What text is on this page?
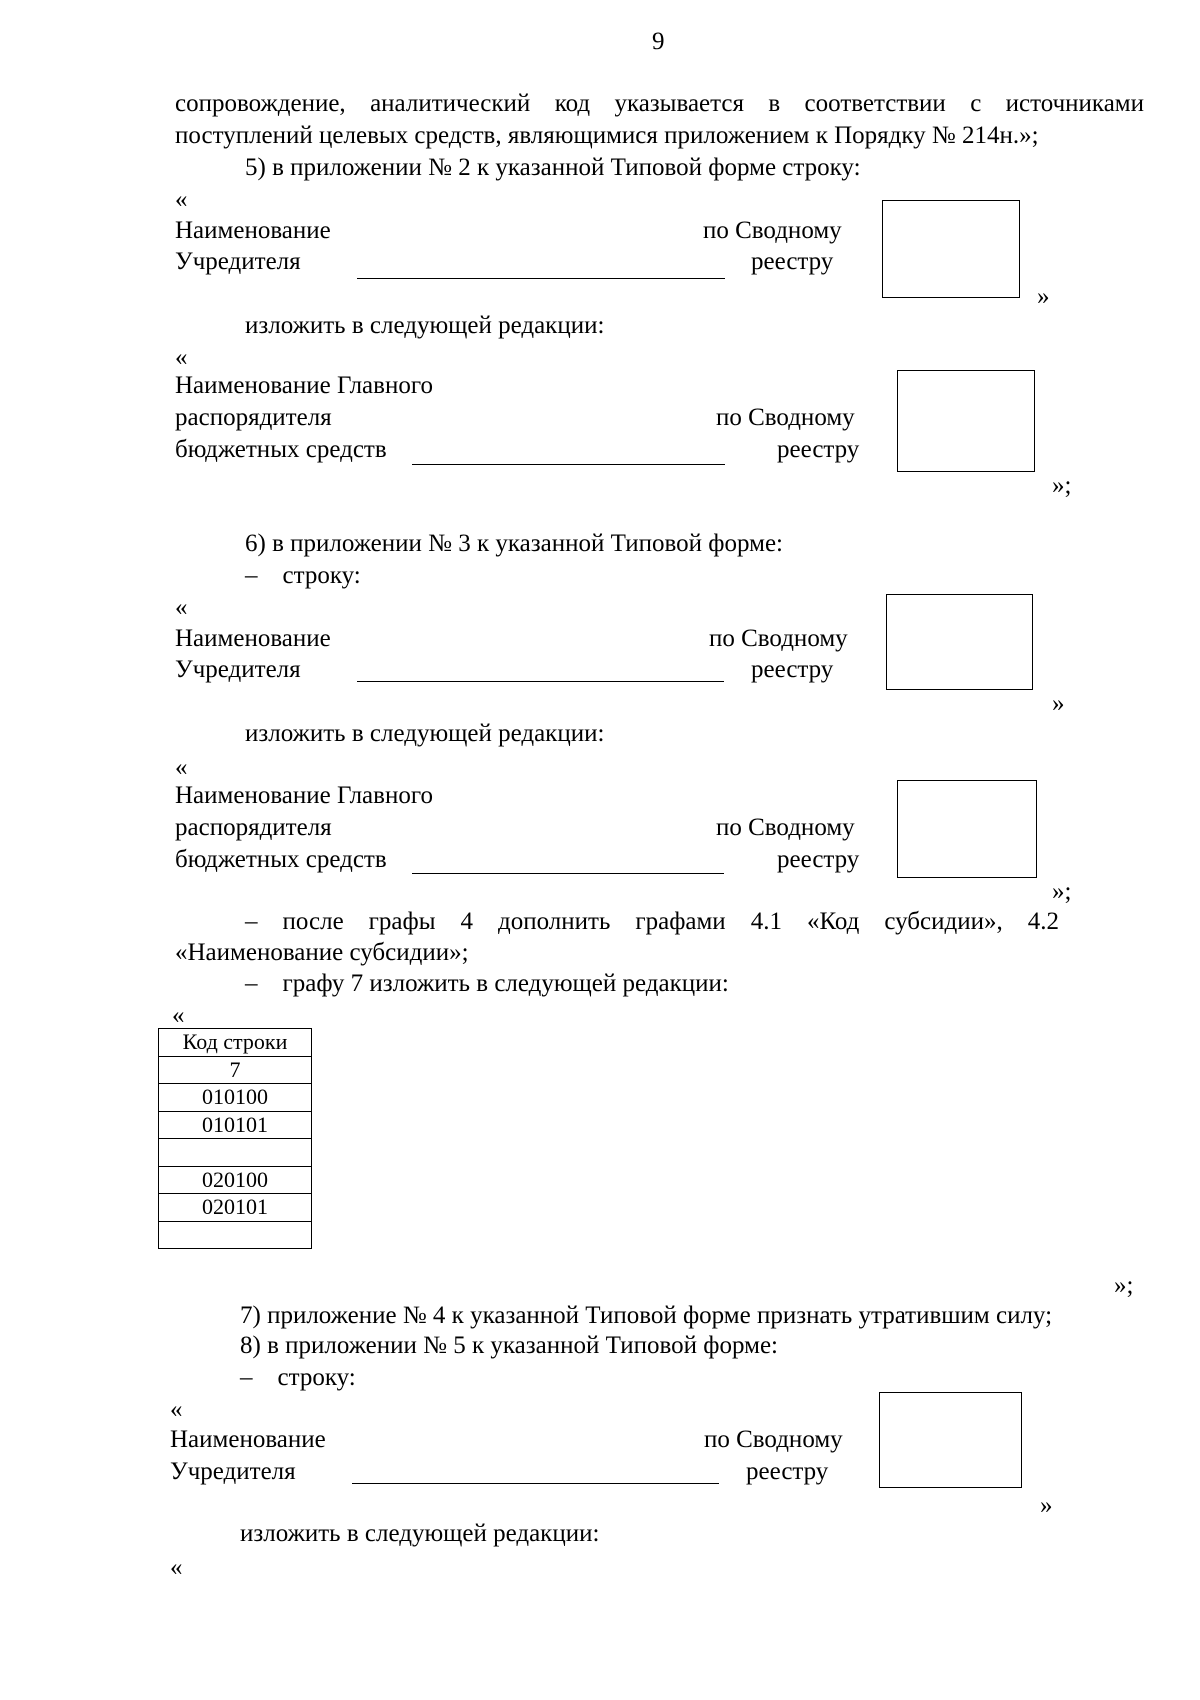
9
сопровождение, аналитический код указывается в соответствии с источниками
поступлений целевых средств, являющимися приложением к Порядку № 214н.»;
5) в приложении № 2 к указанной Типовой форме строку:
«
Наименование
Учредителя
по Сводному
реестру
»
изложить в следующей редакции:
«
Наименование Главного
распорядителя
бюджетных средств
по Сводному
реестру
»;
6) в приложении № 3 к указанной Типовой форме:
–    строку:
«
Наименование
Учредителя
по Сводному
реестру
»
изложить в следующей редакции:
«
Наименование Главного
распорядителя
бюджетных средств
по Сводному
реестру
»;
–    после    графы    4    дополнить    графами    4.1    «Код    субсидии»,    4.2
«Наименование субсидии»;
–    графу 7 изложить в следующей редакции:
«
Код строки
7
010100
010101

020100
020101

»;
7) приложение № 4 к указанной Типовой форме признать утратившим силу;
8) в приложении № 5 к указанной Типовой форме:
–    строку:
«
Наименование
Учредителя
по Сводному
реестру
»
изложить в следующей редакции:
«
